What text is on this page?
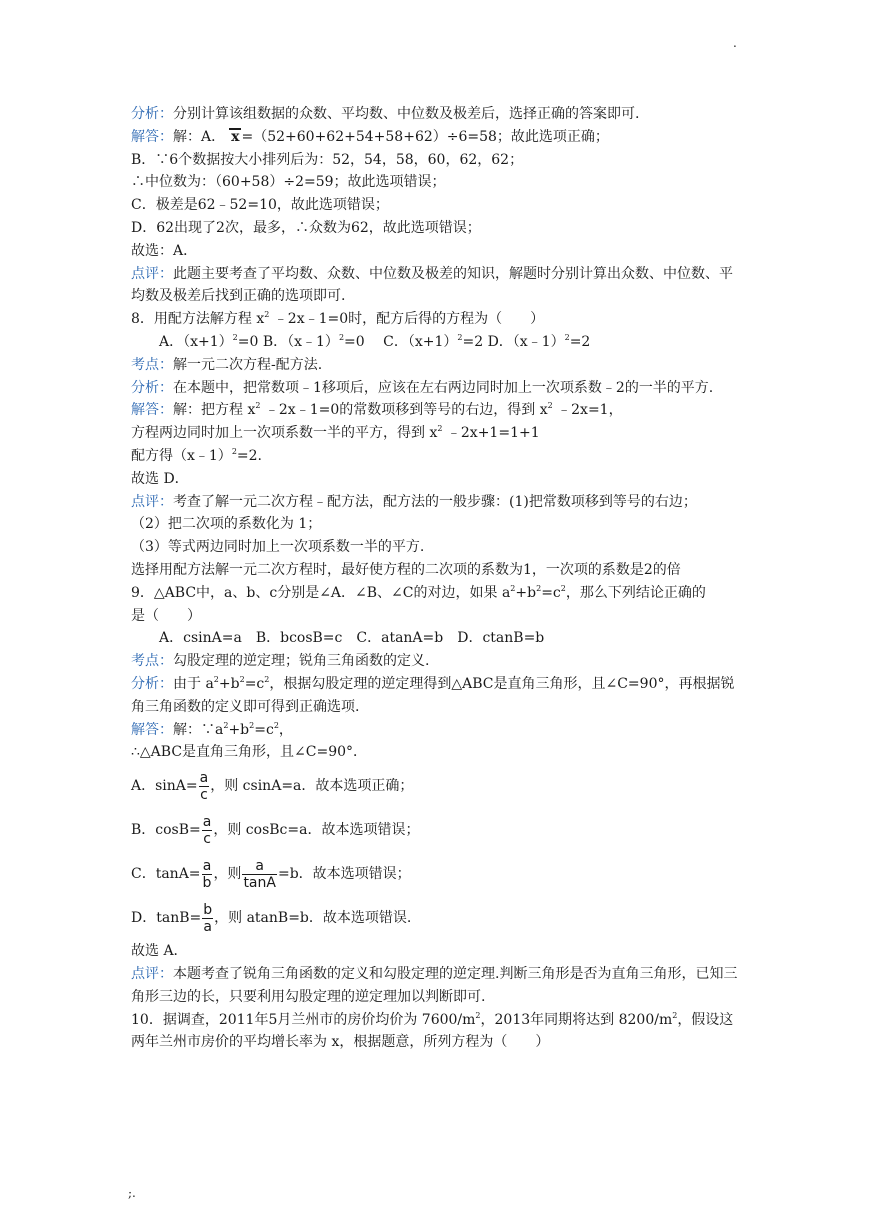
.
分析：分别计算该组数据的众数、平均数、中位数及极差后，选择正确的答案即可.
解答：解：A． x =（52+60+62+54+58+62）÷6=58；故此选项正确；
B．∵6个数据按大小排列后为：52，54，58，60，62，62；
∴中位数为：（60+58）÷2=59；故此选项错误；
C．极差是62﹣52=10，故此选项错误；
D．62出现了2次，最多，∴众数为62，故此选项错误；
故选：A．
点评：此题主要考查了平均数、众数、中位数及极差的知识，解题时分别计算出众数、中位数、平均数及极差后找到正确的选项即可.
8．用配方法解方程 $x^2$ ﹣2x﹣1=0时，配方后得的方程为（　　）
A．$(x+1)^2=0$ B．（x﹣1）$^2$=0　 C．$(x+1)^2=2$ D．（x﹣1）$^2$=2
考点：解一元二次方程-配方法.
分析：在本题中，把常数项﹣1移项后，应该在左右两边同时加上一次项系数﹣2的一半的平方.
解答：解：把方程 $x^2$ ﹣2x﹣1=0的常数项移到等号的右边，得到 $x^2$ ﹣2x=1，
方程两边同时加上一次项系数一半的平方，得到 $x^2$ ﹣2x+1=1+1
配方得（x﹣1）$^2$=2.
故选 D．
点评：考查了解一元二次方程﹣配方法，配方法的一般步骤：(1)把常数项移到等号的右边；
（2）把二次项的系数化为 1；
（3）等式两边同时加上一次项系数一半的平方.
选择用配方法解一元二次方程时，最好使方程的二次项的系数为1，一次项的系数是2的倍
9．△ABC中，a、b、c分别是∠A．∠B、∠C的对边，如果 $a^2+b^2=c^2$，那么下列结论正确的
是（　　）
A．csinA=a　B．bcosB=c　C．atanA=b　D．ctanB=b
考点：勾股定理的逆定理；锐角三角函数的定义.
分析：由于 $a^2+b^2=c^2$，根据勾股定理的逆定理得到△ABC是直角三角形，且∠C=90°，再根据锐角三角函数的定义即可得到正确选项.
解答：解：$\because a^2+b^2=c^2$，
∴△ABC是直角三角形，且∠C=90°．
A．$\sin A= \frac{a}{c}$ ，则 csinA=a．故本选项正确；
B．$\cos B= \frac{a}{c}$ ，则 cosBc=a．故本选项错误；
C．$\tan A= \frac{a}{b}$ ，则 $\frac{a}{\tan A} =b$．故本选项错误；
D．$\tan B= \frac{b}{a}$ ，则 atanB=b．故本选项错误.
故选 A．
点评：本题考查了锐角三角函数的定义和勾股定理的逆定理.判断三角形是否为直角三角形，已知三角形三边的长，只要利用勾股定理的逆定理加以判断即可.
10．据调查，2011年5月兰州市的房价均价为 $7600/m^2$，2013年同期将达到 $8200/m^2$，假设这两年兰州市房价的平均增长率为 x，根据题意，所列方程为（　　）
;.
